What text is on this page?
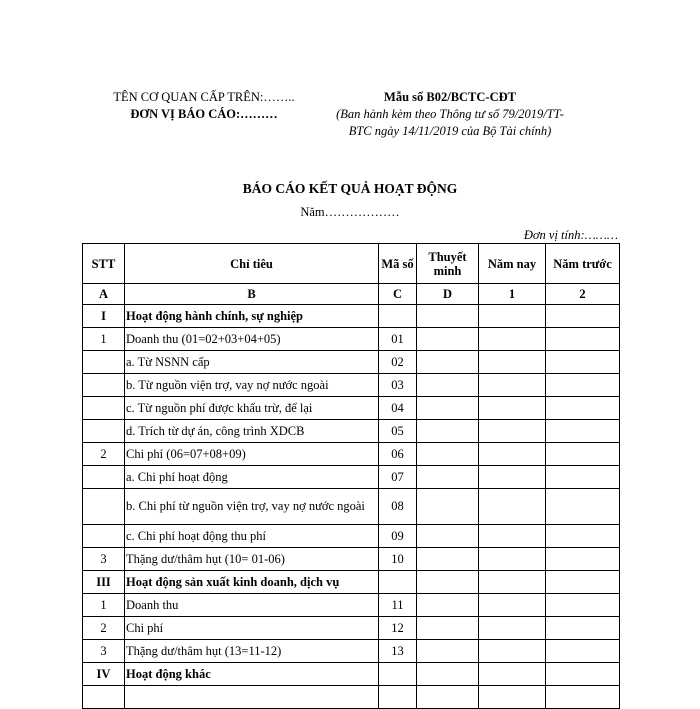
TÊN CƠ QUAN CẤP TRÊN:……..
ĐƠN VỊ BÁO CÁO:………
Mẫu số B02/BCTC-CĐT
(Ban hành kèm theo Thông tư số 79/2019/TT-BTC ngày 14/11/2019 của Bộ Tài chính)
BÁO CÁO KẾT QUẢ HOẠT ĐỘNG
Năm………………
Đơn vị tính:………
STT	Chỉ tiêu	Mã số	Thuyết minh	Năm nay	Năm trước
A	B	C	D	1	2
I	Hoạt động hành chính, sự nghiệp				
1	Doanh thu (01=02+03+04+05)	01			
	a. Từ NSNN cấp	02			
	b. Từ nguồn viện trợ, vay nợ nước ngoài	03			
	c. Từ nguồn phí được khấu trừ, để lại	04			
	d. Trích từ dự án, công trình XDCB	05			
2	Chi phí (06=07+08+09)	06			
	a. Chi phí hoạt động	07			
	b. Chi phí từ nguồn viện trợ, vay nợ nước ngoài	08			
	c. Chi phí hoạt động thu phí	09			
3	Thặng dư/thâm hụt (10= 01-06)	10			
III	Hoạt động sản xuất kinh doanh, dịch vụ				
1	Doanh thu	11			
2	Chi phí	12			
3	Thặng dư/thâm hụt (13=11-12)	13			
IV	Hoạt động khác				
